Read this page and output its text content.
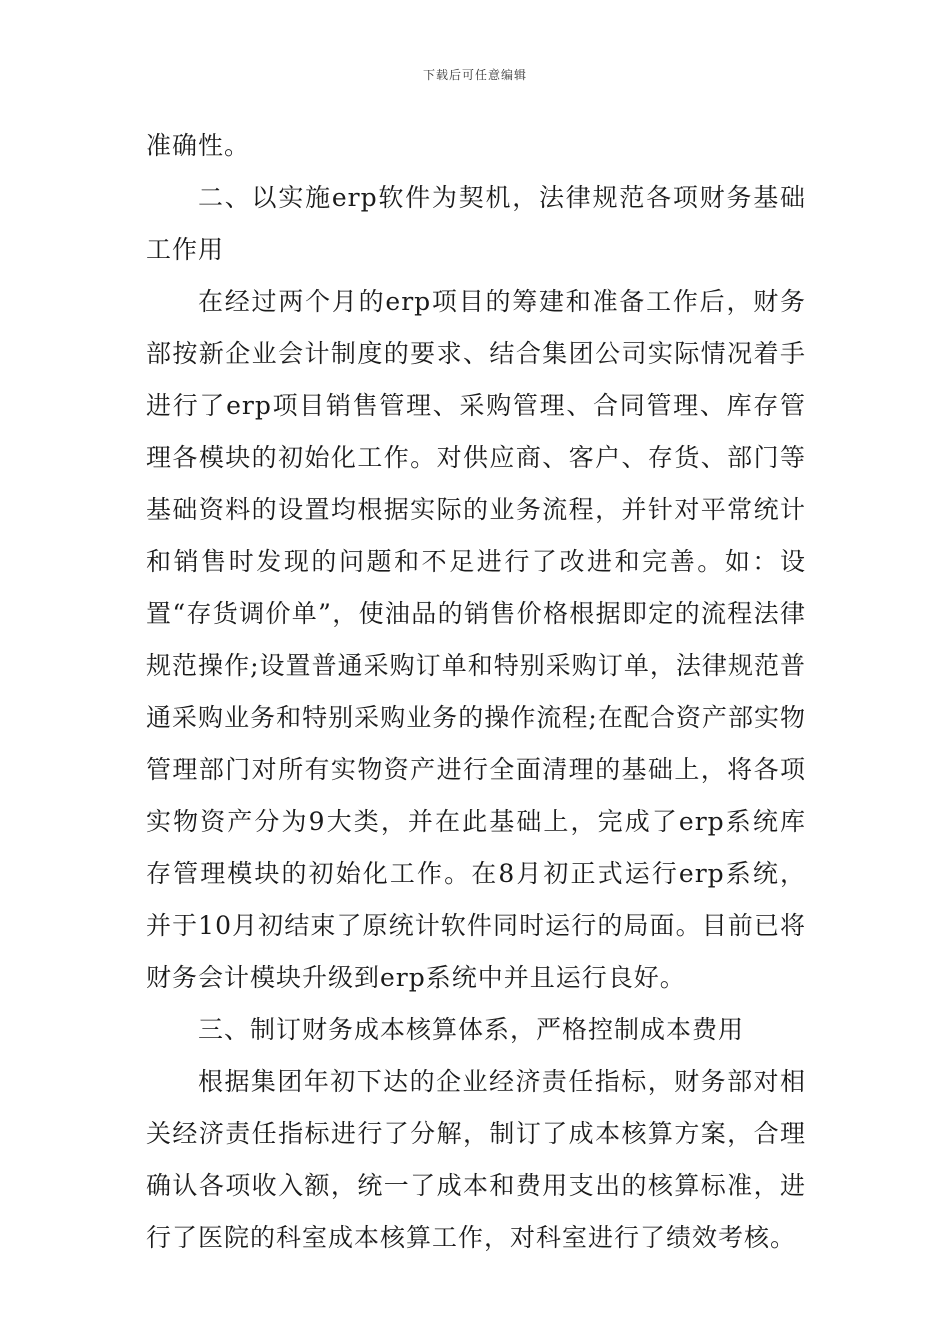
下载后可任意编辑

准确性。

二、以实施erp软件为契机，法律规范各项财务基础工作用

在经过两个月的erp项目的筹建和准备工作后，财务部按新企业会计制度的要求、结合集团公司实际情况着手进行了erp项目销售管理、采购管理、合同管理、库存管理各模块的初始化工作。对供应商、客户、存货、部门等基础资料的设置均根据实际的业务流程，并针对平常统计和销售时发现的问题和不足进行了改进和完善。如：设置“存货调价单”，使油品的销售价格根据即定的流程法律规范操作;设置普通采购订单和特别采购订单，法律规范普通采购业务和特别采购业务的操作流程;在配合资产部实物管理部门对所有实物资产进行全面清理的基础上，将各项实物资产分为9大类，并在此基础上，完成了erp系统库存管理模块的初始化工作。在8月初正式运行erp系统，并于10月初结束了原统计软件同时运行的局面。目前已将财务会计模块升级到erp系统中并且运行良好。

三、制订财务成本核算体系，严格控制成本费用

根据集团年初下达的企业经济责任指标，财务部对相关经济责任指标进行了分解，制订了成本核算方案，合理确认各项收入额，统一了成本和费用支出的核算标准，进行了医院的科室成本核算工作，对科室进行了绩效考核。
